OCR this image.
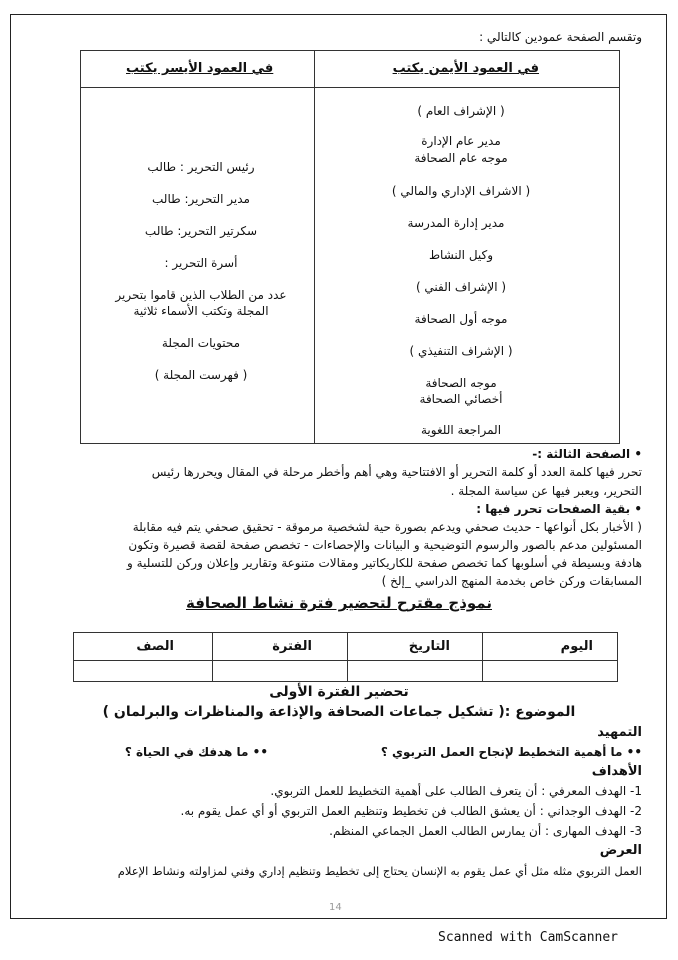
وتقسم الصفحة عمودين كالتالي :
في العمود الأيمن يكتب
في العمود الأيسر يكتب
( الإشراف العام )
مدير عام الإدارة
موجه عام الصحافة
( الاشراف الإداري والمالي )
مدير إدارة المدرسة
وكيل النشاط
( الإشراف الفني )
موجه أول الصحافة
( الإشراف التنفيذي )
موجه الصحافة
أخصائي الصحافة
المراجعة اللغوية
رئيس التحرير : طالب
مدير التحرير: طالب
سكرتير التحرير: طالب
أسرة التحرير :
عدد من الطلاب الذين قاموا بتحرير
المجلة وتكتب الأسماء ثلاثية
محتويات المجلة
( فهرست المجلة )
• الصفحة الثالثة :-
تحرر فيها كلمة العدد أو كلمة التحرير أو الافتتاحية وهي أهم وأخطر مرحلة في المقال ويحررها رئيس
التحرير، ويعبر فيها عن سياسة المجلة .
• بقية الصفحات تحرر فيها :
( الأخبار بكل أنواعها - حديث صحفي ويدعم بصورة حية لشخصية مرموقة - تحقيق صحفي يتم فيه مقابلة
المسئولين مدعم بالصور والرسوم التوضيحية و البيانات والإحصاءات - تخصص صفحة لقصة قصيرة وتكون
هادفة وبسيطة في أسلوبها كما تخصص صفحة للكاريكاتير ومقالات متنوعة وتقارير وإعلان وركن للتسلية و
المسابقات وركن خاص بخدمة المنهج الدراسي _إلخ )
نموذج مقترح لتحضير فترة نشاط الصحافة
اليوم
التاريخ
الفترة
الصف
تحضير الفترة الأولى
الموضوع :( تشكيل جماعات الصحافة والإذاعة والمناظرات والبرلمان )
التمهيد
•• ما أهمية التخطيط لإنجاح العمل التربوي ؟
•• ما هدفك في الحياة ؟
الأهداف
1- الهدف المعرفي : أن يتعرف الطالب على أهمية التخطيط للعمل التربوي.
2- الهدف الوجداني : أن يعشق الطالب فن تخطيط وتنظيم العمل التربوي أو أي عمل يقوم به.
3- الهدف المهارى : أن يمارس الطالب العمل الجماعي المنظم.
العرض
العمل التربوي مثله مثل أي عمل يقوم به الإنسان يحتاج إلى تخطيط وتنظيم إداري وفني لمزاولته ونشاط الإعلام
14
Scanned with CamScanner
